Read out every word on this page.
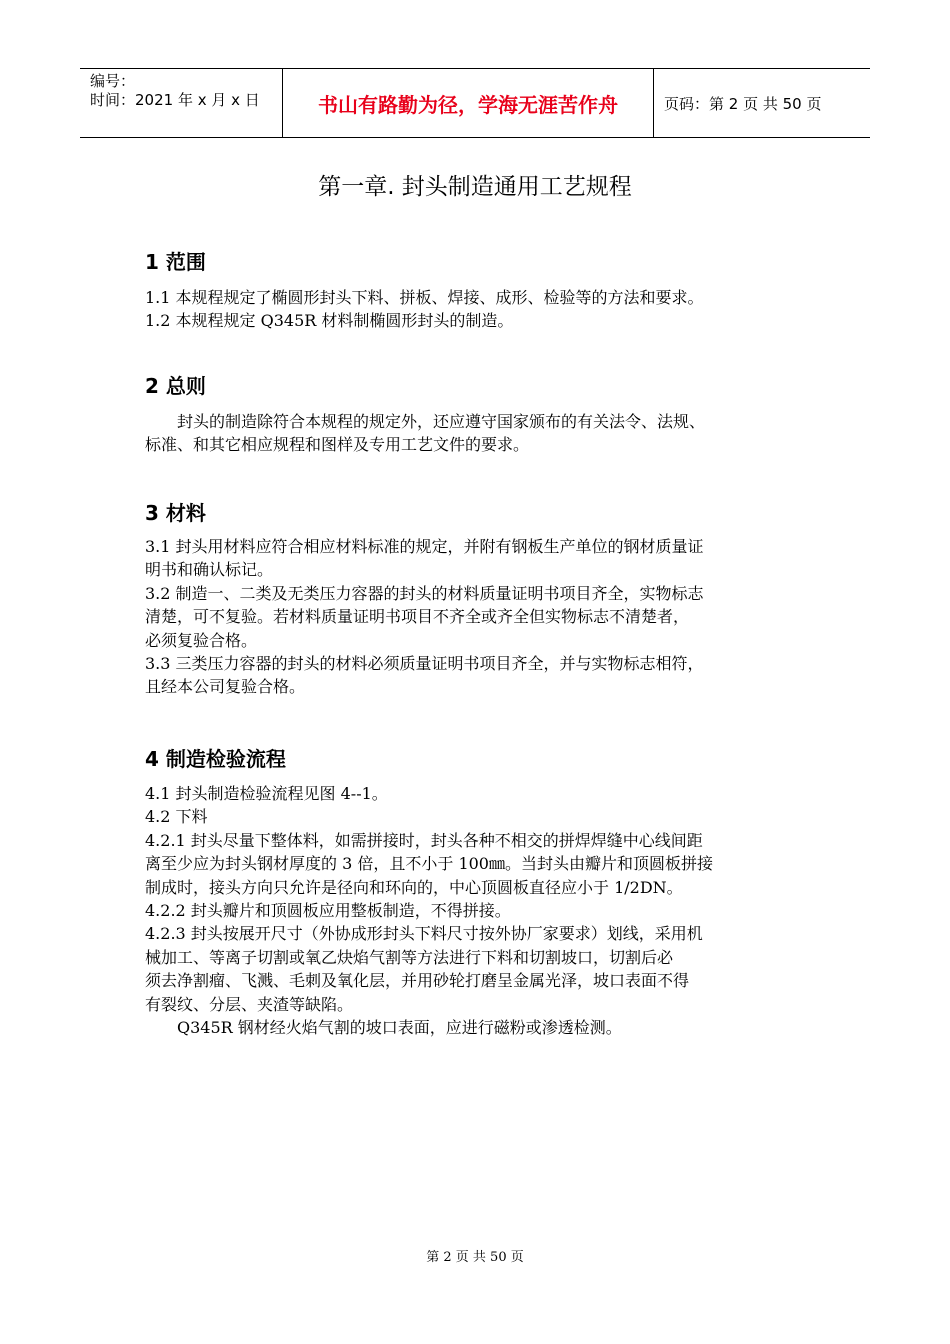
编号：
时间：2021 年 x 月 x 日	书山有路勤为径，学海无涯苦作舟	页码：第 2 页 共 50 页
第一章. 封头制造通用工艺规程
1 范围

1.1 本规程规定了椭圆形封头下料、拼板、焊接、成形、检验等的方法和要求。
1.2 本规程规定 Q345R 材料制椭圆形封头的制造。

2 总则

封头的制造除符合本规程的规定外，还应遵守国家颁布的有关法令、法规、
标准、和其它相应规程和图样及专用工艺文件的要求。

3 材料

3.1 封头用材料应符合相应材料标准的规定，并附有钢板生产单位的钢材质量证
明书和确认标记。
3.2 制造一、二类及无类压力容器的封头的材料质量证明书项目齐全，实物标志
清楚，可不复验。若材料质量证明书项目不齐全或齐全但实物标志不清楚者，
必须复验合格。
3.3 三类压力容器的封头的材料必须质量证明书项目齐全，并与实物标志相符，
且经本公司复验合格。

4 制造检验流程

4.1 封头制造检验流程见图 4--1。
4.2 下料
4.2.1 封头尽量下整体料，如需拼接时，封头各种不相交的拼焊焊缝中心线间距
离至少应为封头钢材厚度的 3 倍，且不小于 100㎜。当封头由瓣片和顶圆板拼接
制成时，接头方向只允许是径向和环向的，中心顶圆板直径应小于 1/2DN。
4.2.2 封头瓣片和顶圆板应用整板制造，不得拼接。
4.2.3 封头按展开尺寸（外协成形封头下料尺寸按外协厂家要求）划线，采用机
械加工、等离子切割或氧乙炔焰气割等方法进行下料和切割坡口，切割后必
须去净割瘤、飞溅、毛刺及氧化层，并用砂轮打磨呈金属光泽，坡口表面不得
有裂纹、分层、夹渣等缺陷。
Q345R 钢材经火焰气割的坡口表面，应进行磁粉或渗透检测。

第 2 页 共 50 页
